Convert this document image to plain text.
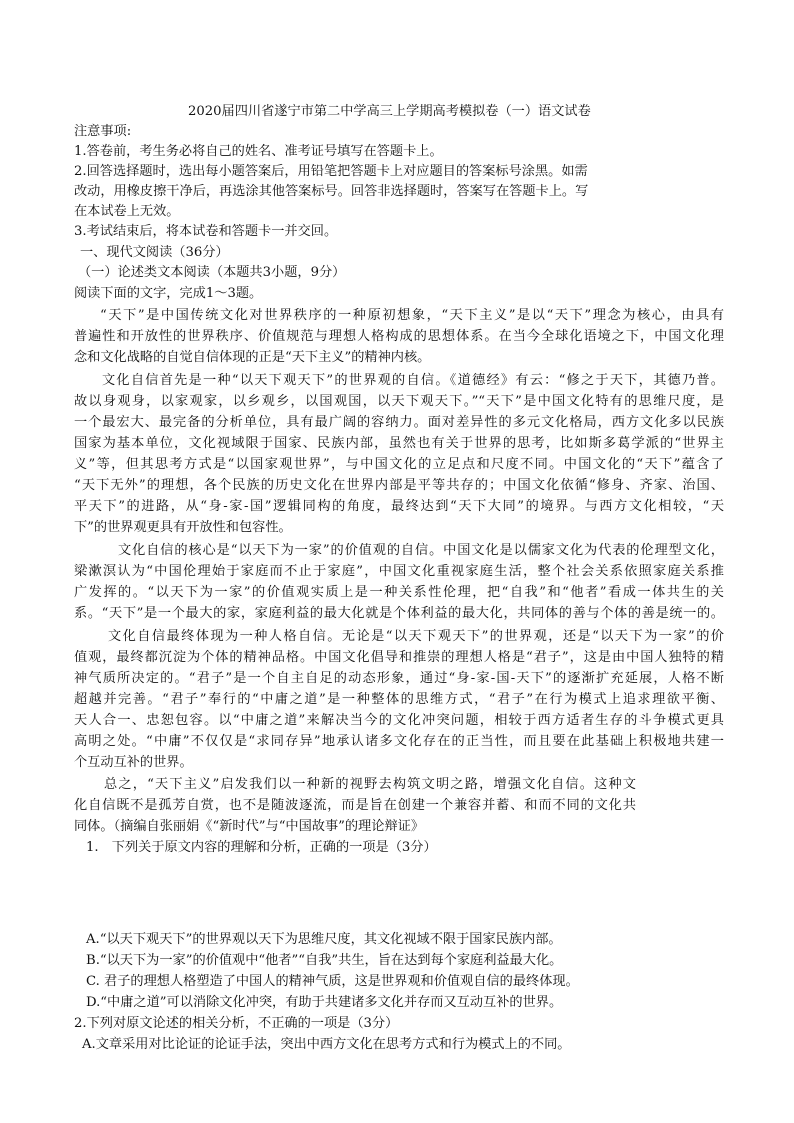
2020届四川省遂宁市第二中学高三上学期高考模拟卷（一）语文试卷
注意事项:
1.答卷前，考生务必将自己的姓名、准考证号填写在答题卡上。
2.回答选择题时，选出每小题答案后，用铅笔把答题卡上对应题目的答案标号涂黑。如需
改动，用橡皮擦干净后，再选涂其他答案标号。回答非选择题时，答案写在答题卡上。写
在本试卷上无效。
3.考试结束后，将本试卷和答题卡一并交回。
一、现代文阅读（36分）
（一）论述类文本阅读（本题共3小题，9分）
阅读下面的文字，完成1～3题。
“天下”是中国传统文化对世界秩序的一种原初想象，“天下主义”是以“天下”理念为核心，由具有
普遍性和开放性的世界秩序、价值规范与理想人格构成的思想体系。在当今全球化语境之下，中国文化理
念和文化战略的自觉自信体现的正是“天下主义”的精神内核。
文化自信首先是一种“以天下观天下”的世界观的自信。《道德经》有云：“修之于天下，其德乃普。
故以身观身，以家观家，以乡观乡，以国观国，以天下观天下。”“天下”是中国文化特有的思维尺度，是
一个最宏大、最完备的分析单位，具有最广阔的容纳力。面对差异性的多元文化格局，西方文化多以民族
国家为基本单位，文化视域限于国家、民族内部，虽然也有关于世界的思考，比如斯多葛学派的“世界主
义”等，但其思考方式是“以国家观世界”，与中国文化的立足点和尺度不同。中国文化的“天下”蕴含了
“天下无外”的理想，各个民族的历史文化在世界内部是平等共存的；中国文化依循“修身、齐家、治国、
平天下”的进路，从“身-家-国”逻辑同构的角度，最终达到“天下大同”的境界。与西方文化相较，“天
下”的世界观更具有开放性和包容性。
文化自信的核心是“以天下为一家”的价值观的自信。中国文化是以儒家文化为代表的伦理型文化，
梁漱溟认为“中国伦理始于家庭而不止于家庭”，中国文化重视家庭生活，整个社会关系依照家庭关系推
广发挥的。“以天下为一家”的价值观实质上是一种关系性伦理，把“自我”和“他者”看成一体共生的关
系。“天下”是一个最大的家，家庭利益的最大化就是个体利益的最大化，共同体的善与个体的善是统一的。
文化自信最终体现为一种人格自信。无论是“以天下观天下”的世界观，还是“以天下为一家”的价
值观，最终都沉淀为个体的精神品格。中国文化倡导和推崇的理想人格是“君子”，这是由中国人独特的精
神气质所决定的。“君子”是一个自主自足的动态形象，通过“身-家-国-天下”的逐渐扩充延展，人格不断
超越并完善。“君子”奉行的“中庸之道”是一种整体的思维方式，“君子”在行为模式上追求理欲平衡、
天人合一、忠恕包容。以“中庸之道”来解决当今的文化冲突问题，相较于西方适者生存的斗争模式更具
高明之处。“中庸”不仅仅是“求同存异”地承认诸多文化存在的正当性，而且要在此基础上积极地共建一
个互动互补的世界。
总之，“天下主义”启发我们以一种新的视野去构筑文明之路，增强文化自信。这种文
化自信既不是孤芳自赏，也不是随波逐流，而是旨在创建一个兼容并蓄、和而不同的文化共
同体。（摘编自张丽娟《“新时代”与“中国故事”的理论辩证》
1.　下列关于原文内容的理解和分析，正确的一项是（3分）
A.“以天下观天下”的世界观以天下为思维尺度，其文化视域不限于国家民族内部。
B.“以天下为一家”的价值观中“他者”“自我”共生，旨在达到每个家庭利益最大化。
C. 君子的理想人格塑造了中国人的精神气质，这是世界观和价值观自信的最终体现。
D.“中庸之道”可以消除文化冲突，有助于共建诸多文化并存而又互动互补的世界。
2.下列对原文论述的相关分析，不正确的一项是（3分）
A.文章采用对比论证的论证手法，突出中西方文化在思考方式和行为模式上的不同。
